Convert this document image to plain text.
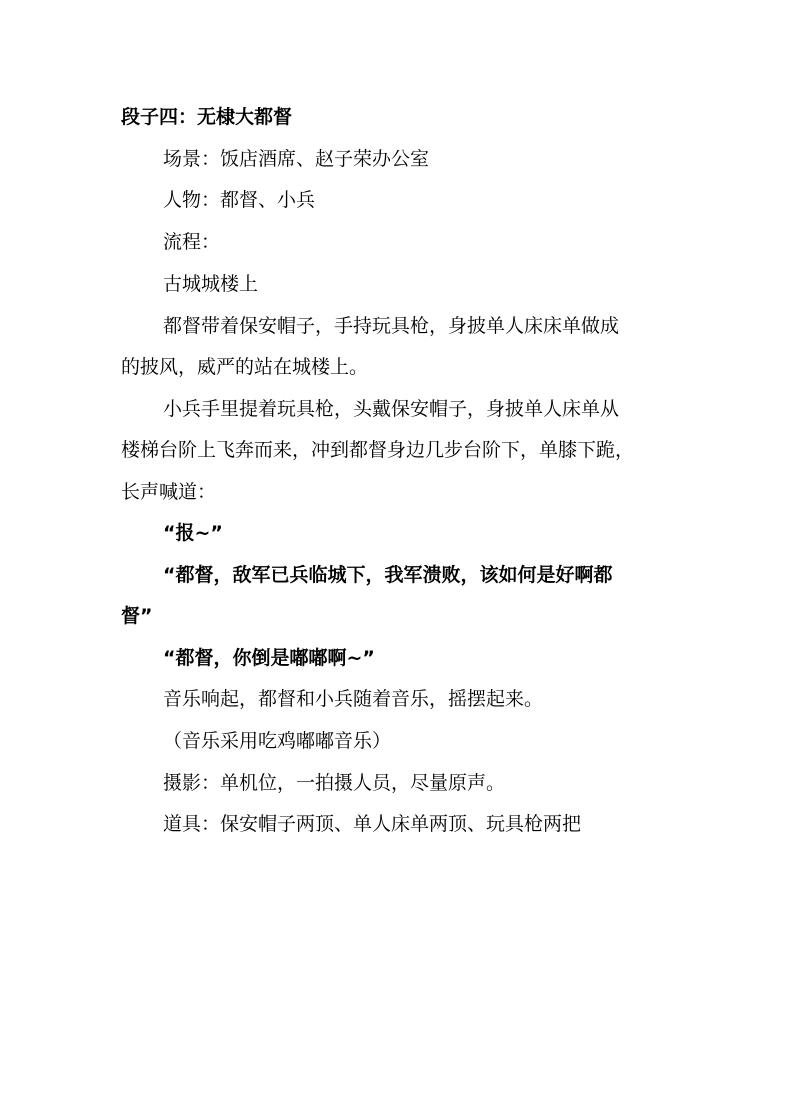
段子四：无棣大都督
场景：饭店酒席、赵子荣办公室
人物：都督、小兵
流程：
古城城楼上
都督带着保安帽子，手持玩具枪，身披单人床床单做成
的披风，威严的站在城楼上。
小兵手里提着玩具枪，头戴保安帽子，身披单人床单从
楼梯台阶上飞奔而来，冲到都督身边几步台阶下，单膝下跪，
长声喊道：
“报~”
“都督，敌军已兵临城下，我军溃败，该如何是好啊都
督”
“都督，你倒是嘟嘟啊~”
音乐响起，都督和小兵随着音乐，摇摆起来。
（音乐采用吃鸡嘟嘟音乐）
摄影：单机位，一拍摄人员，尽量原声。
道具：保安帽子两顶、单人床单两顶、玩具枪两把
